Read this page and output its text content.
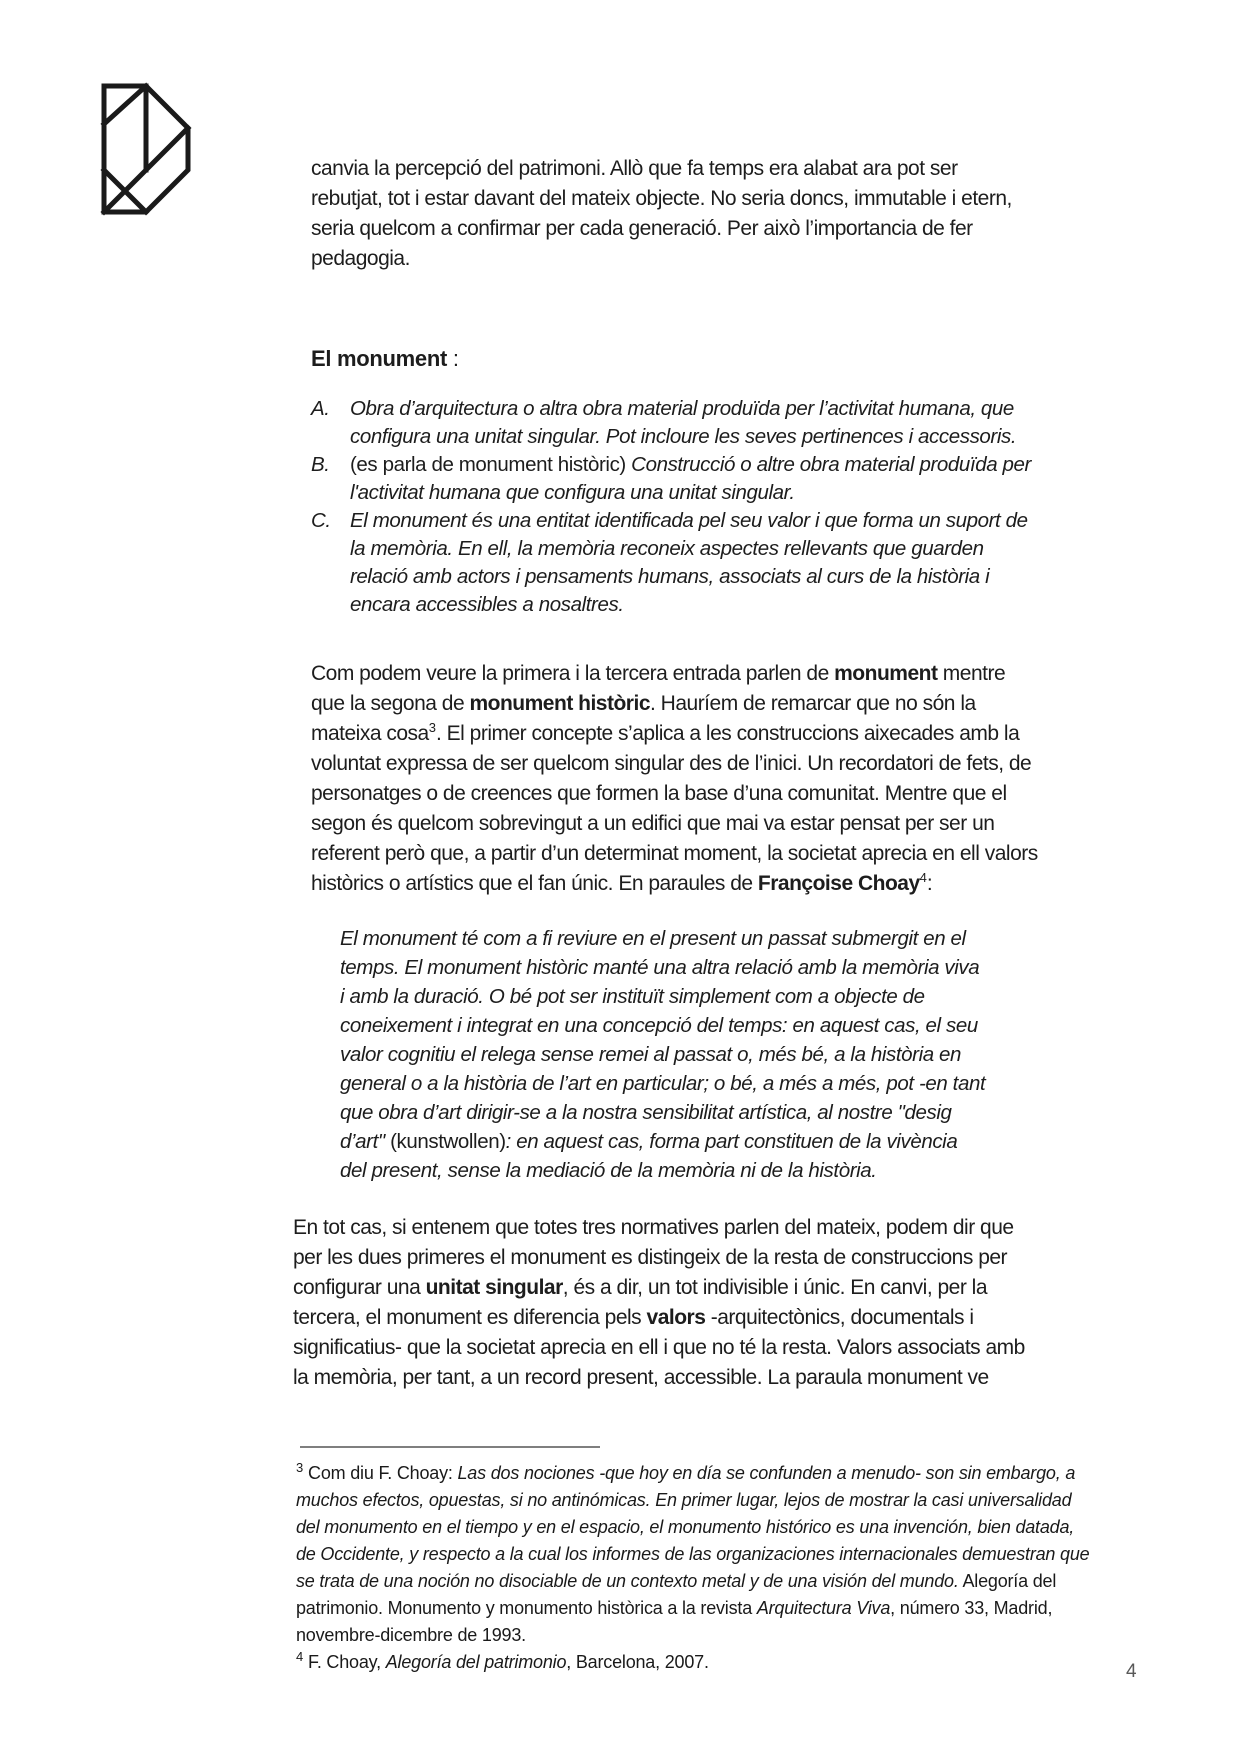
canvia la percepció del patrimoni. Allò que fa temps era alabat ara pot ser rebutjat, tot i estar davant del mateix objecte. No seria doncs, immutable i etern, seria quelcom a confirmar per cada generació. Per això l’importancia de fer pedagogia.

El monument :
A. Obra d’arquitectura o altra obra material produïda per l’activitat humana, que configura una unitat singular. Pot incloure les seves pertinences i accessoris.
B. (es parla de monument històric) Construcció o altre obra material produïda per l'activitat humana que configura una unitat singular.
C. El monument és una entitat identificada pel seu valor i que forma un suport de la memòria. En ell, la memòria reconeix aspectes rellevants que guarden relació amb actors i pensaments humans, associats al curs de la història i encara accessibles a nosaltres.

Com podem veure la primera i la tercera entrada parlen de monument mentre que la segona de monument històric. Hauríem de remarcar que no són la mateixa cosa$^3$. El primer concepte s’aplica a les construccions aixecades amb la voluntat expressa de ser quelcom singular des de l’inici. Un recordatori de fets, de personatges o de creences que formen la base d’una comunitat. Mentre que el segon és quelcom sobrevingut a un edifici que mai va estar pensat per ser un referent però que, a partir d’un determinat moment, la societat aprecia en ell valors històrics o artístics que el fan únic. En paraules de Françoise Choay$^4$:

El monument té com a fi reviure en el present un passat submergit en el temps. El monument històric manté una altra relació amb la memòria viva i amb la duració. O bé pot ser instituït simplement com a objecte de coneixement i integrat en una concepció del temps: en aquest cas, el seu valor cognitiu el relega sense remei al passat o, més bé, a la història en general o a la història de l’art en particular; o bé, a més a més, pot -en tant que obra d’art dirigir-se a la nostra sensibilitat artística, al nostre "desig d’art" (kunstwollen): en aquest cas, forma part constituen de la vivència del present, sense la mediació de la memòria ni de la història.

En tot cas, si entenem que totes tres normatives parlen del mateix, podem dir que per les dues primeres el monument es distingeix de la resta de construccions per configurar una unitat singular, és a dir, un tot indivisible i únic. En canvi, per la tercera, el monument es diferencia pels valors -arquitectònics, documentals i significatius- que la societat aprecia en ell i que no té la resta. Valors associats amb la memòria, per tant, a un record present, accessible. La paraula monument ve

$^3$ Com diu F. Choay: Las dos nociones -que hoy en día se confunden a menudo- son sin embargo, a muchos efectos, opuestas, si no antinómicas. En primer lugar, lejos de mostrar la casi universalidad del monumento en el tiempo y en el espacio, el monumento histórico es una invención, bien datada, de Occidente, y respecto a la cual los informes de las organizaciones internacionales demuestran que se trata de una noción no disociable de un contexto metal y de una visión del mundo. Alegoría del patrimonio. Monumento y monumento històrica a la revista Arquitectura Viva, número 33, Madrid, novembre-dicembre de 1993.

$^4$ F. Choay, Alegoría del patrimonio, Barcelona, 2007.	4
